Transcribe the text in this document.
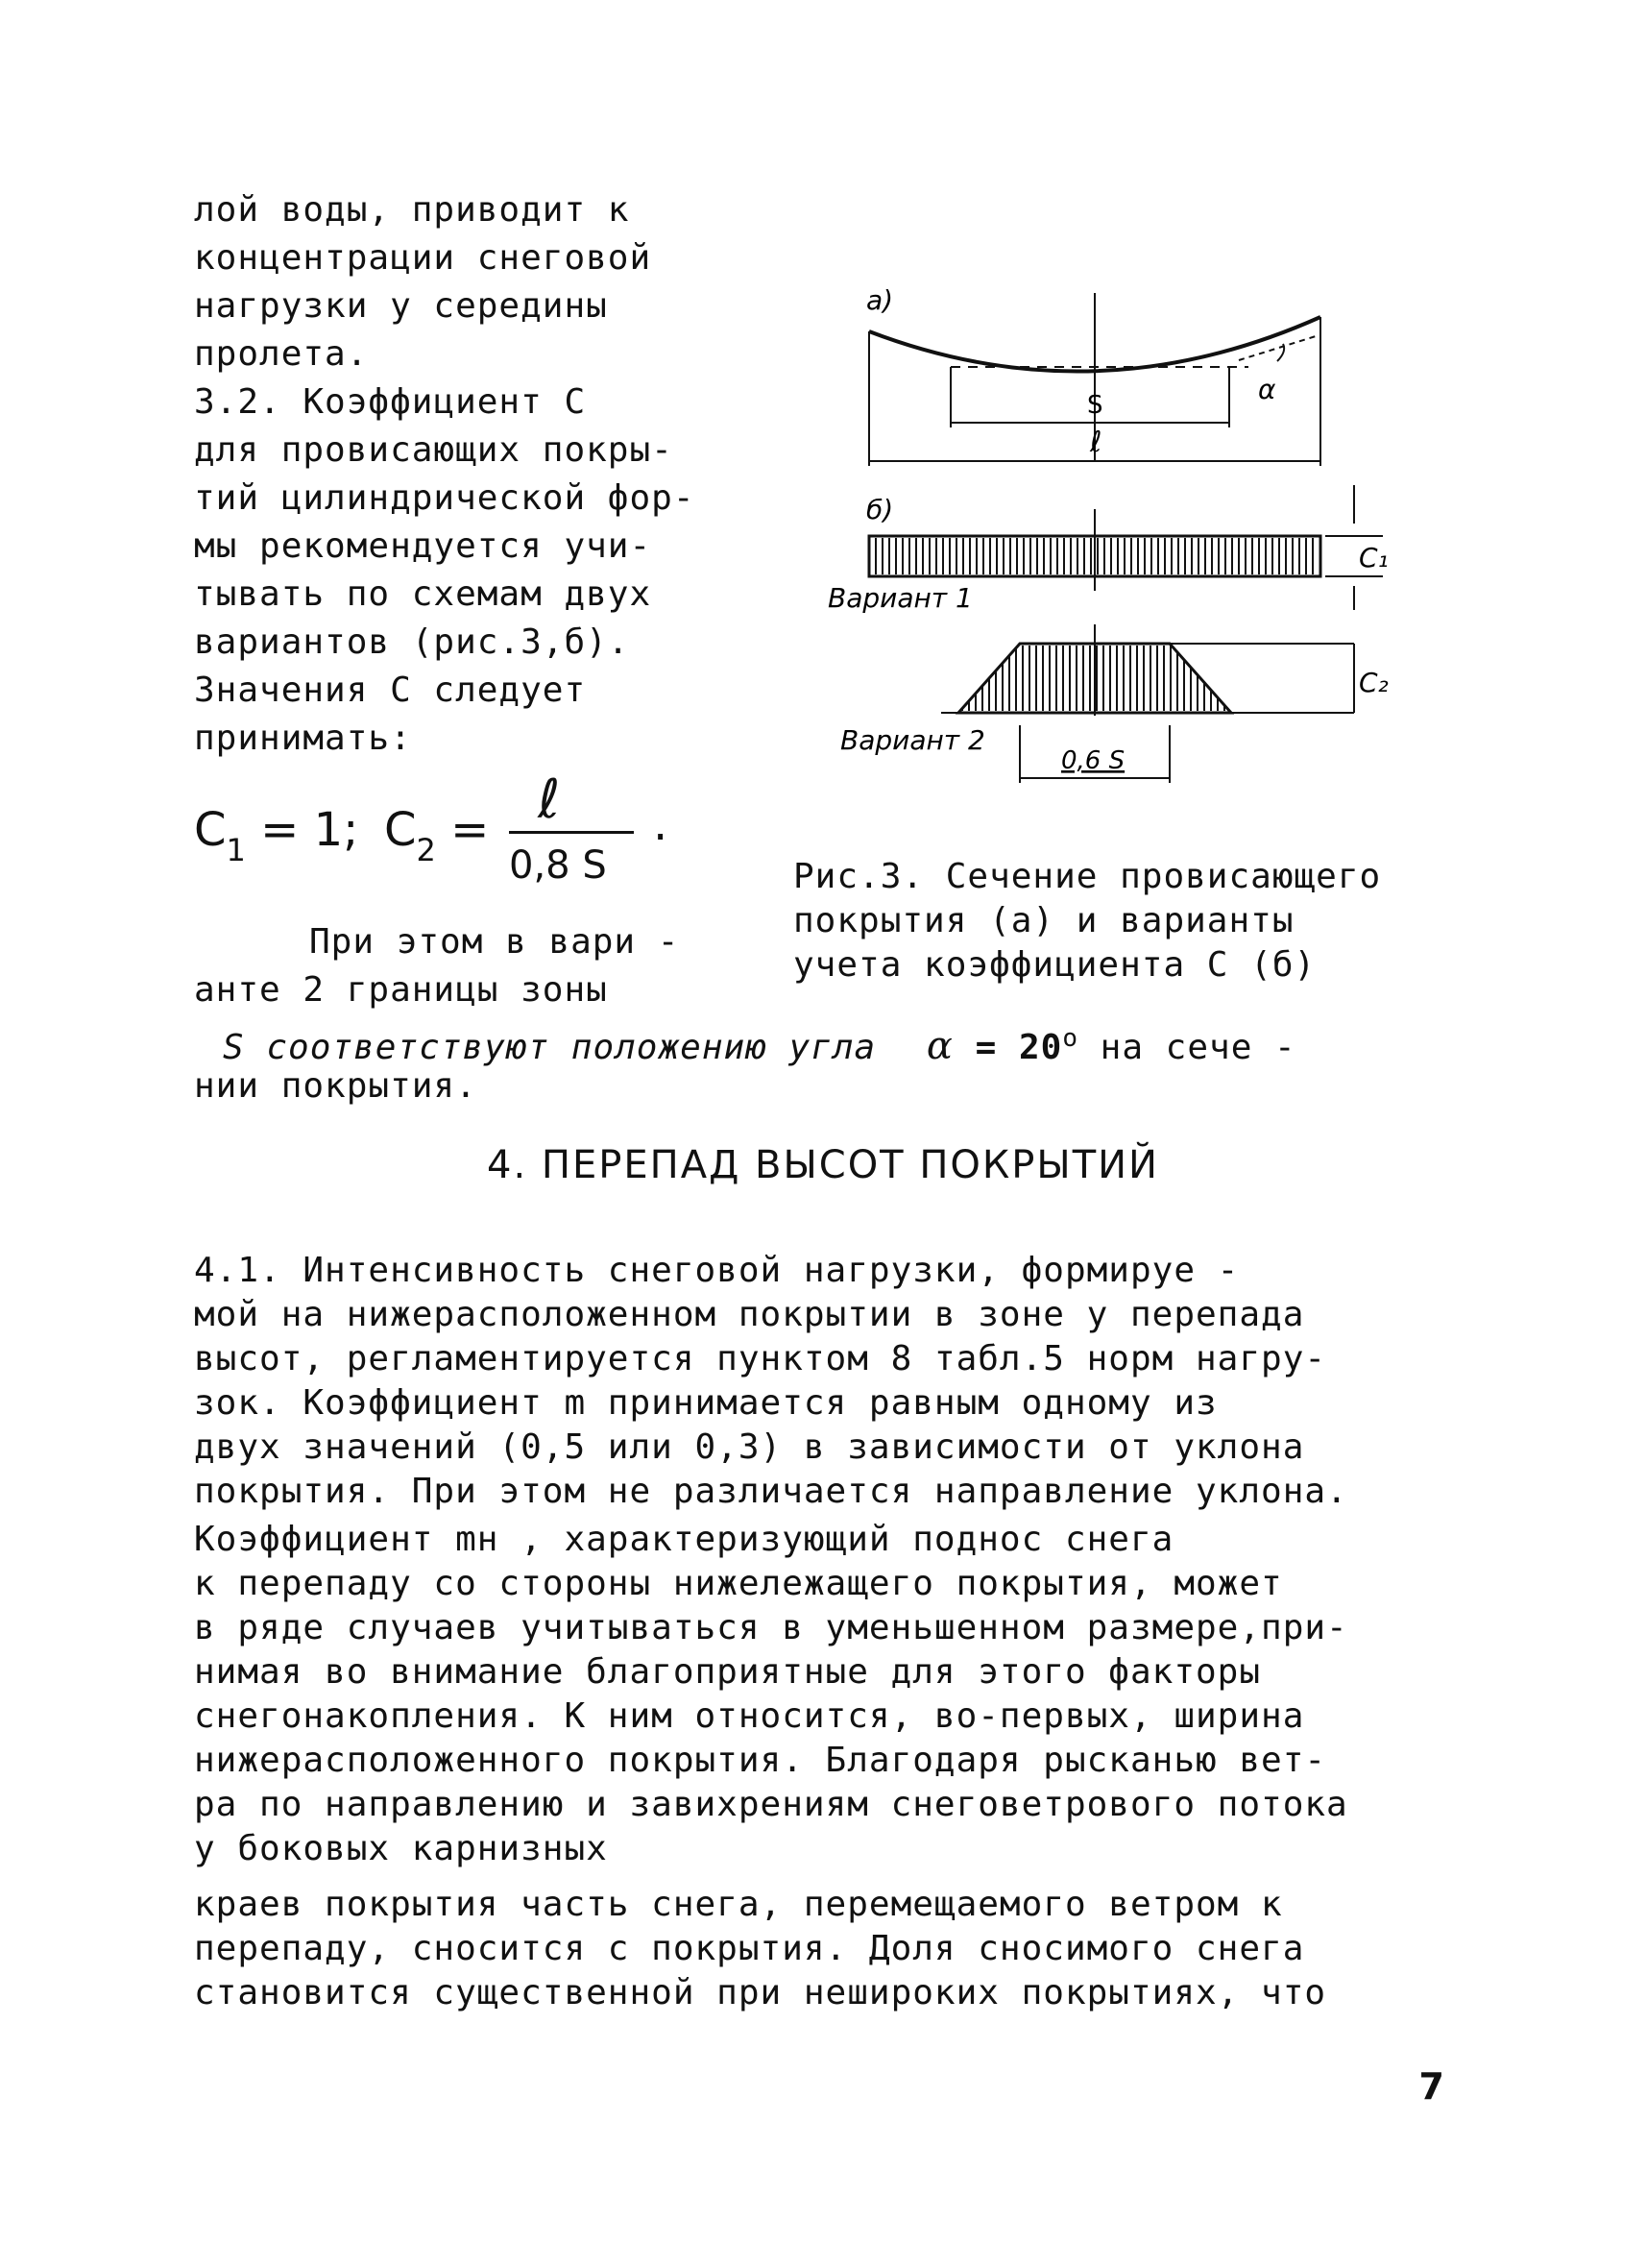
лой воды, приводит к
концентрации снеговой
нагрузки у середины
пролета.
3.2. Коэффициент С
для провисающих покры-
тий цилиндрической фор-
мы рекомендуется учи-
тывать по схемам двух
вариантов (рис.3,б).
Значения С следует
принимать:
$C_1 = 1$; $C_2$ = ℓ
0,8 S
.
При этом в вари -
анте 2 границы зоны
S соответствуют положению угла $\alpha = 20^o$ на сече -
нии покрытия.
а)
α
S
ℓ
б)
C₁
Вариант 1
C₂
Вариант 2
0,6 S
Рис.3. Сечение провисающего
покрытия (а) и варианты
учета коэффициента С (б)
4. ПЕРЕПАД ВЫСОТ ПОКРЫТИЙ
4.1. Интенсивность снеговой нагрузки, формируе -
мой на нижерасположенном покрытии в зоне у перепада
высот, регламентируется пунктом 8 табл.5 норм нагру-
зок. Коэффициент m принимается равным одному из
двух значений (0,5 или 0,3) в зависимости от уклона
покрытия. При этом не различается направление уклона.
Коэффициент mн , характеризующий поднос снега
к перепаду со стороны нижележащего покрытия, может
в ряде случаев учитываться в уменьшенном размере,при-
нимая во внимание благоприятные для этого факторы
снегонакопления. К ним относится, во-первых, ширина
нижерасположенного покрытия. Благодаря рысканью вет-
ра по направлению и завихрениям снеговетрового потока
у боковых карнизных
краев покрытия часть снега, перемещаемого ветром к
перепаду, сносится с покрытия. Доля сносимого снега
становится существенной при нешироких покрытиях, что
7
